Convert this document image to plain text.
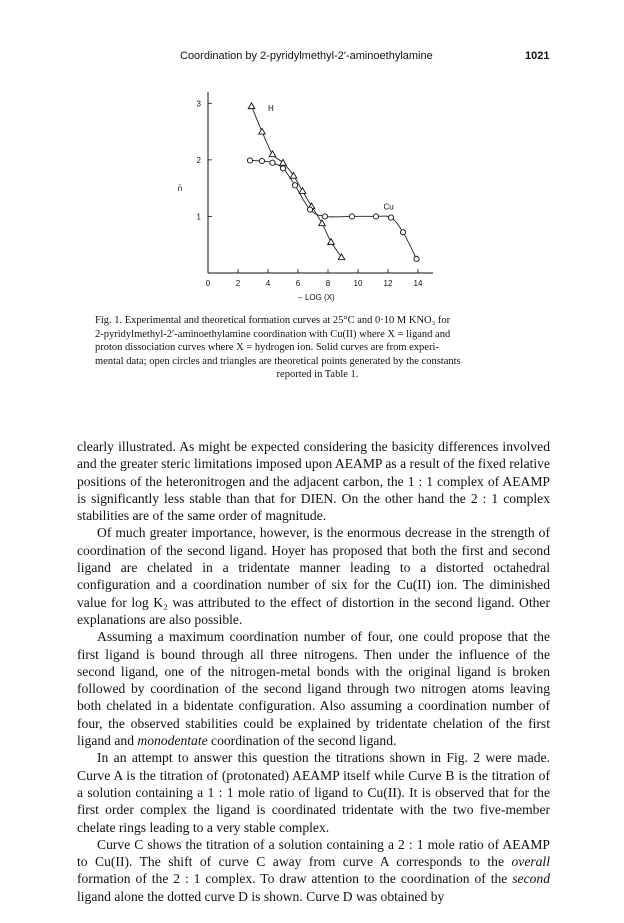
Coordination by 2-pyridylmethyl-2′-aminoethylamine	1021
0	2	4	6	8	10	12	14
1
2
3
– LOG (X)
n̄
H
Cu
Fig. 1. Experimental and theoretical formation curves at 25°C and 0·10 M KNO₃ for
2-pyridylmethyl-2′-aminoethylamine coordination with Cu(II) where X = ligand and
proton dissociation curves where X = hydrogen ion. Solid curves are from experi-
mental data; open circles and triangles are theoretical points generated by the constants
reported in Table 1.

clearly illustrated. As might be expected considering the basicity differences involved and the greater steric limitations imposed upon AEAMP as a result of the fixed relative positions of the heteronitrogen and the adjacent carbon, the 1 : 1 complex of AEAMP is significantly less stable than that for DIEN. On the other hand the 2 : 1 complex stabilities are of the same order of magnitude.

Of much greater importance, however, is the enormous decrease in the strength of coordination of the second ligand. Hoyer has proposed that both the first and second ligand are chelated in a tridentate manner leading to a distorted octahedral configuration and a coordination number of six for the Cu(II) ion. The diminished value for log K₂ was attributed to the effect of distortion in the second ligand. Other explanations are also possible.

Assuming a maximum coordination number of four, one could propose that the first ligand is bound through all three nitrogens. Then under the influence of the second ligand, one of the nitrogen-metal bonds with the original ligand is broken followed by coordination of the second ligand through two nitrogen atoms leaving both chelated in a bidentate configuration. Also assuming a coordination number of four, the observed stabilities could be explained by tridentate chelation of the first ligand and monodentate coordination of the second ligand.

In an attempt to answer this question the titrations shown in Fig. 2 were made. Curve A is the titration of (protonated) AEAMP itself while Curve B is the titration of a solution containing a 1 : 1 mole ratio of ligand to Cu(II). It is observed that for the first order complex the ligand is coordinated tridentate with the two five-member chelate rings leading to a very stable complex.

Curve C shows the titration of a solution containing a 2 : 1 mole ratio of AEAMP to Cu(II). The shift of curve C away from curve A corresponds to the overall formation of the 2 : 1 complex. To draw attention to the coordination of the second ligand alone the dotted curve D is shown. Curve D was obtained by
